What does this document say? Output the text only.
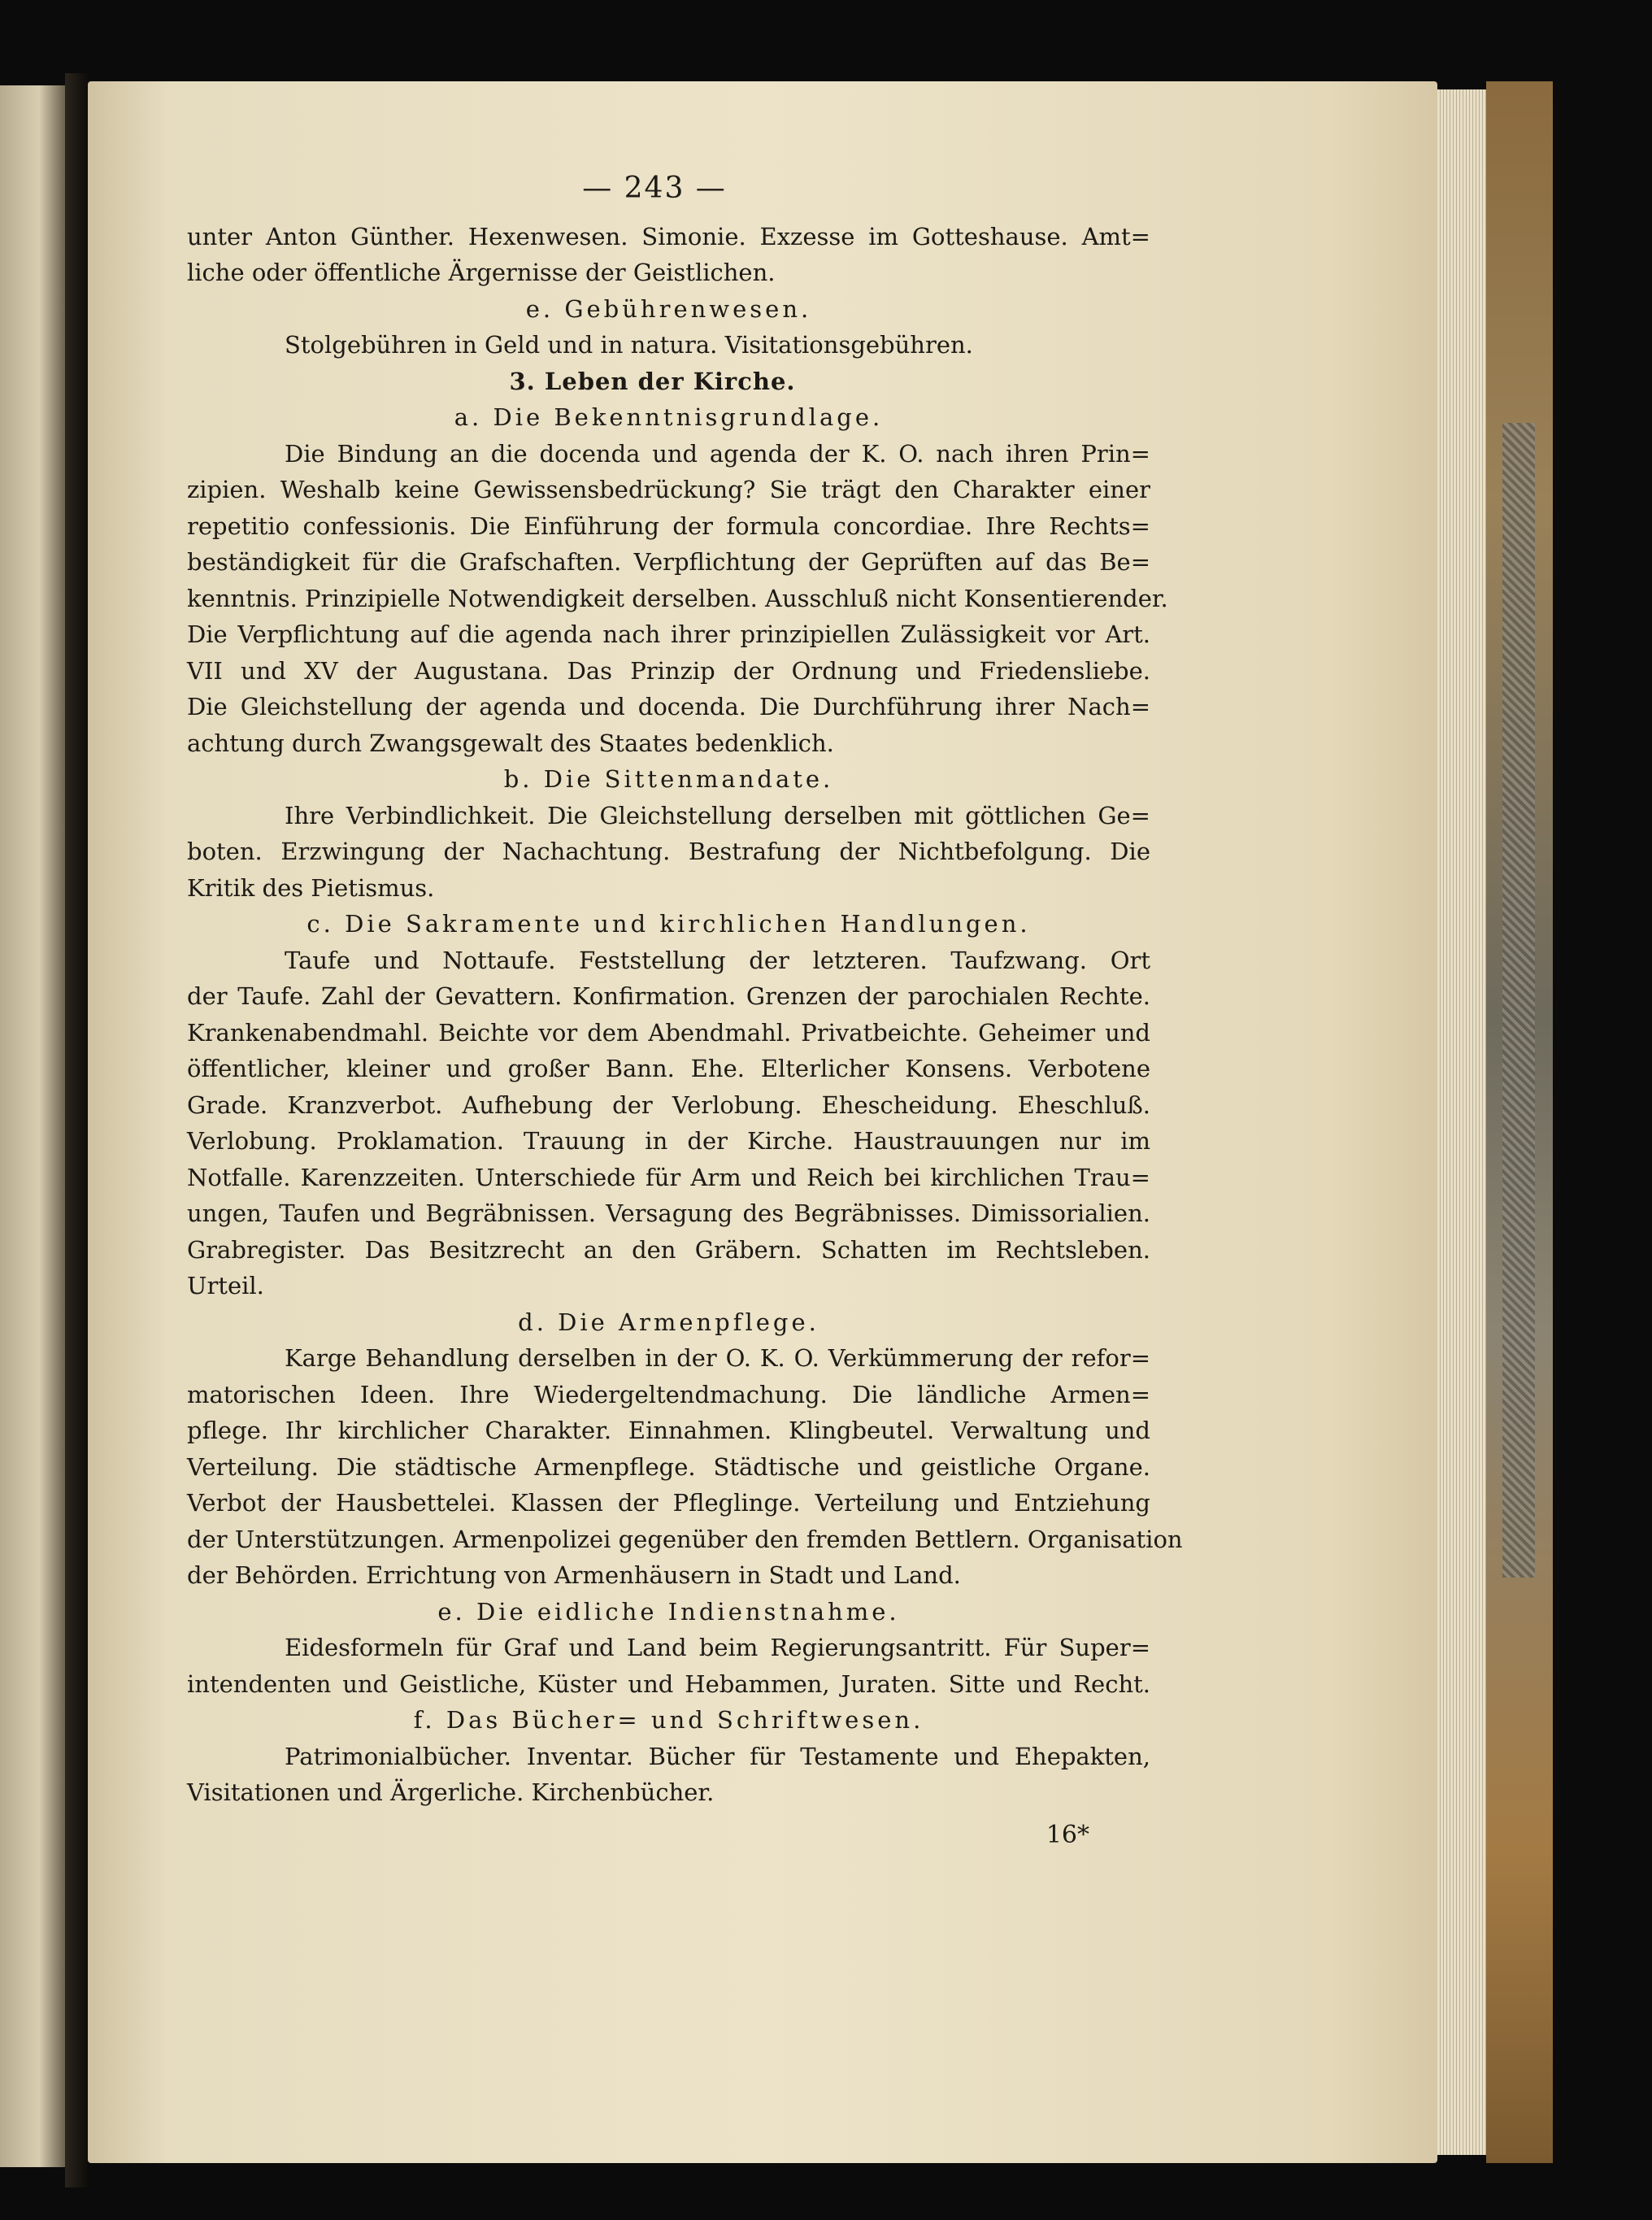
— 243 —
unter Anton Günther. Hexenwesen. Simonie. Exzesse im Gotteshause. Amt=
liche oder öffentliche Ärgernisse der Geistlichen.
e. Gebührenwesen.
Stolgebühren in Geld und in natura. Visitationsgebühren.
3. Leben der Kirche.
a. Die Bekenntnisgrundlage.
Die Bindung an die docenda und agenda der K. O. nach ihren Prin=
zipien. Weshalb keine Gewissensbedrückung? Sie trägt den Charakter einer
repetitio confessionis. Die Einführung der formula concordiae. Ihre Rechts=
beständigkeit für die Grafschaften. Verpflichtung der Geprüften auf das Be=
kenntnis. Prinzipielle Notwendigkeit derselben. Ausschluß nicht Konsentierender.
Die Verpflichtung auf die agenda nach ihrer prinzipiellen Zulässigkeit vor Art.
VII und XV der Augustana. Das Prinzip der Ordnung und Friedensliebe.
Die Gleichstellung der agenda und docenda. Die Durchführung ihrer Nach=
achtung durch Zwangsgewalt des Staates bedenklich.
b. Die Sittenmandate.
Ihre Verbindlichkeit. Die Gleichstellung derselben mit göttlichen Ge=
boten. Erzwingung der Nachachtung. Bestrafung der Nichtbefolgung. Die
Kritik des Pietismus.
c. Die Sakramente und kirchlichen Handlungen.
Taufe und Nottaufe. Feststellung der letzteren. Taufzwang. Ort
der Taufe. Zahl der Gevattern. Konfirmation. Grenzen der parochialen Rechte.
Krankenabendmahl. Beichte vor dem Abendmahl. Privatbeichte. Geheimer und
öffentlicher, kleiner und großer Bann. Ehe. Elterlicher Konsens. Verbotene
Grade. Kranzverbot. Aufhebung der Verlobung. Ehescheidung. Eheschluß.
Verlobung. Proklamation. Trauung in der Kirche. Haustrauungen nur im
Notfalle. Karenzzeiten. Unterschiede für Arm und Reich bei kirchlichen Trau=
ungen, Taufen und Begräbnissen. Versagung des Begräbnisses. Dimissorialien.
Grabregister. Das Besitzrecht an den Gräbern. Schatten im Rechtsleben.
Urteil.
d. Die Armenpflege.
Karge Behandlung derselben in der O. K. O. Verkümmerung der refor=
matorischen Ideen. Ihre Wiedergeltendmachung. Die ländliche Armen=
pflege. Ihr kirchlicher Charakter. Einnahmen. Klingbeutel. Verwaltung und
Verteilung. Die städtische Armenpflege. Städtische und geistliche Organe.
Verbot der Hausbettelei. Klassen der Pfleglinge. Verteilung und Entziehung
der Unterstützungen. Armenpolizei gegenüber den fremden Bettlern. Organisation
der Behörden. Errichtung von Armenhäusern in Stadt und Land.
e. Die eidliche Indienstnahme.
Eidesformeln für Graf und Land beim Regierungsantritt. Für Super=
intendenten und Geistliche, Küster und Hebammen, Juraten. Sitte und Recht.
f. Das Bücher= und Schriftwesen.
Patrimonialbücher. Inventar. Bücher für Testamente und Ehepakten,
Visitationen und Ärgerliche. Kirchenbücher.
16*
